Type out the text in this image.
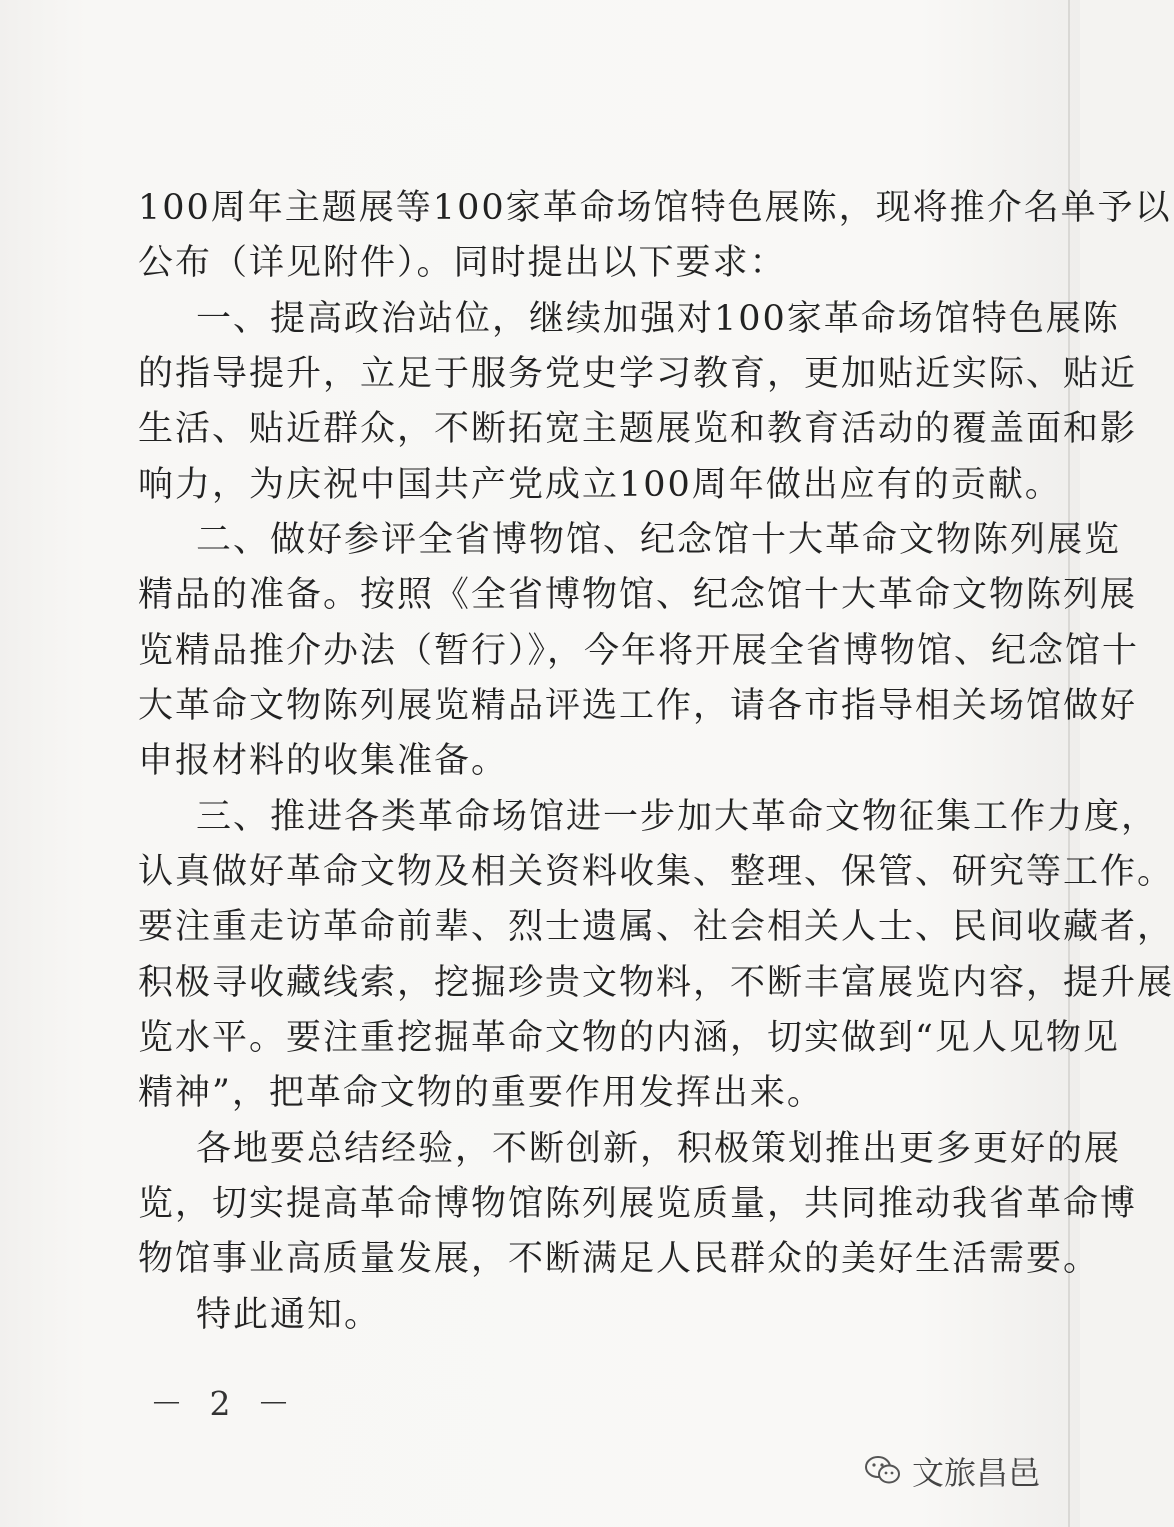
100周年主题展等100家革命场馆特色展陈，现将推介名单予以
公布（详见附件）。同时提出以下要求：
一、提高政治站位，继续加强对100家革命场馆特色展陈
的指导提升，立足于服务党史学习教育，更加贴近实际、贴近
生活、贴近群众，不断拓宽主题展览和教育活动的覆盖面和影
响力，为庆祝中国共产党成立100周年做出应有的贡献。
二、做好参评全省博物馆、纪念馆十大革命文物陈列展览
精品的准备。按照《全省博物馆、纪念馆十大革命文物陈列展
览精品推介办法（暂行）》，今年将开展全省博物馆、纪念馆十
大革命文物陈列展览精品评选工作，请各市指导相关场馆做好
申报材料的收集准备。
三、推进各类革命场馆进一步加大革命文物征集工作力度，
认真做好革命文物及相关资料收集、整理、保管、研究等工作。
要注重走访革命前辈、烈士遗属、社会相关人士、民间收藏者，
积极寻收藏线索，挖掘珍贵文物料，不断丰富展览内容，提升展
览水平。要注重挖掘革命文物的内涵，切实做到“见人见物见
精神”，把革命文物的重要作用发挥出来。
各地要总结经验，不断创新，积极策划推出更多更好的展
览，切实提高革命博物馆陈列展览质量，共同推动我省革命博
物馆事业高质量发展，不断满足人民群众的美好生活需要。
特此通知。
－ 2 －
文旅昌邑
